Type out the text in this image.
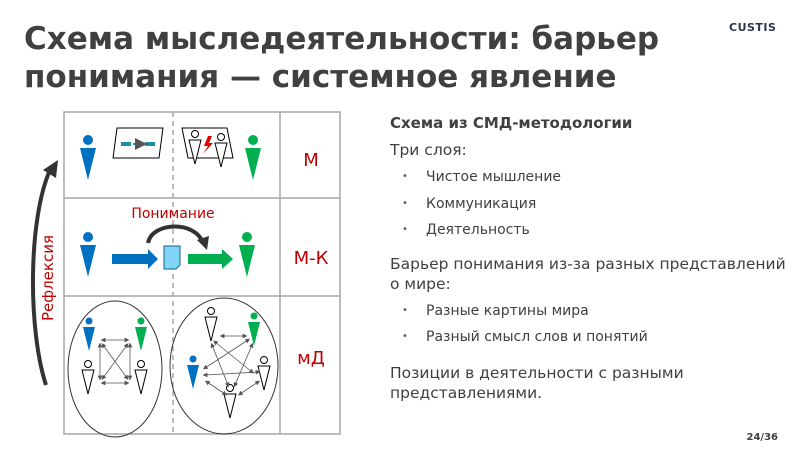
Схема мыследеятельности: барьер
понимания — системное явление
CUSTIS
М
Понимание
М-К
мД
Рефлексия
Схема из СМД-методологии
Три слоя:
• Чистое мышление
• Коммуникация
• Деятельность
Барьер понимания из-за разных представлений о мире:
• Разные картины мира
• Разный смысл слов и понятий
Позиции в деятельности с разными представлениями.
24/36
